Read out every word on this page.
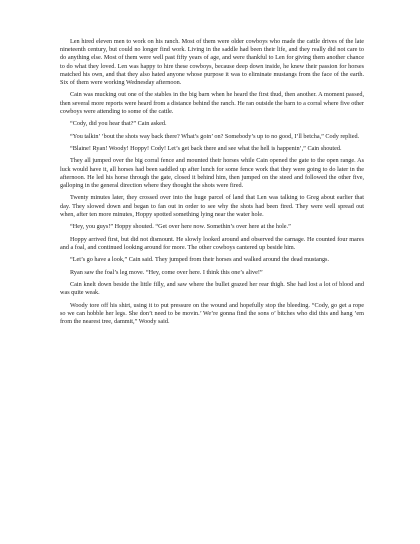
Len hired eleven men to work on his ranch. Most of them were older cowboys who made the cattle drives of the late nineteenth century, but could no longer find work. Living in the saddle had been their life, and they really did not care to do anything else. Most of them were well past fifty years of age, and were thankful to Len for giving them another chance to do what they loved. Len was happy to hire these cowboys, because deep down inside, he knew their passion for horses matched his own, and that they also hated anyone whose purpose it was to eliminate mustangs from the face of the earth. Six of them were working Wednesday afternoon.

Cain was mucking out one of the stables in the big barn when he heard the first thud, then another. A moment passed, then several more reports were heard from a distance behind the ranch. He ran outside the barn to a corral where five other cowboys were attending to some of the cattle.

“Cody, did you hear that?” Cain asked.

“You talkin’ ’bout the shots way back there? What’s goin’ on? Somebody’s up to no good, I’ll betcha,” Cody replied.

“Blaine! Ryan! Woody! Hoppy! Cody! Let’s get back there and see what the hell is happenin’,” Cain shouted.

They all jumped over the big corral fence and mounted their horses while Cain opened the gate to the open range. As luck would have it, all horses had been saddled up after lunch for some fence work that they were going to do later in the afternoon. He led his horse through the gate, closed it behind him, then jumped on the steed and followed the other five, galloping in the general direction where they thought the shots were fired.

Twenty minutes later, they crossed over into the huge parcel of land that Len was talking to Greg about earlier that day. They slowed down and began to fan out in order to see why the shots had been fired. They were well spread out when, after ten more minutes, Hoppy spotted something lying near the water hole.

“Hey, you guys!” Hoppy shouted. “Get over here now. Somethin’s over here at the hole.”

Hoppy arrived first, but did not dismount. He slowly looked around and observed the carnage. He counted four mares and a foal, and continued looking around for more. The other cowboys cantered up beside him.

“Let’s go have a look,” Cain said. They jumped from their horses and walked around the dead mustangs.

Ryan saw the foal’s leg move. “Hey, come over here. I think this one’s alive!”

Cain knelt down beside the little filly, and saw where the bullet grazed her rear thigh. She had lost a lot of blood and was quite weak.

Woody tore off his shirt, using it to put pressure on the wound and hopefully stop the bleeding. “Cody, go get a rope so we can hobble her legs. She don’t need to be movin.’ We’re gonna find the sons o’ bitches who did this and hang ’em from the nearest tree, dammit,” Woody said.
